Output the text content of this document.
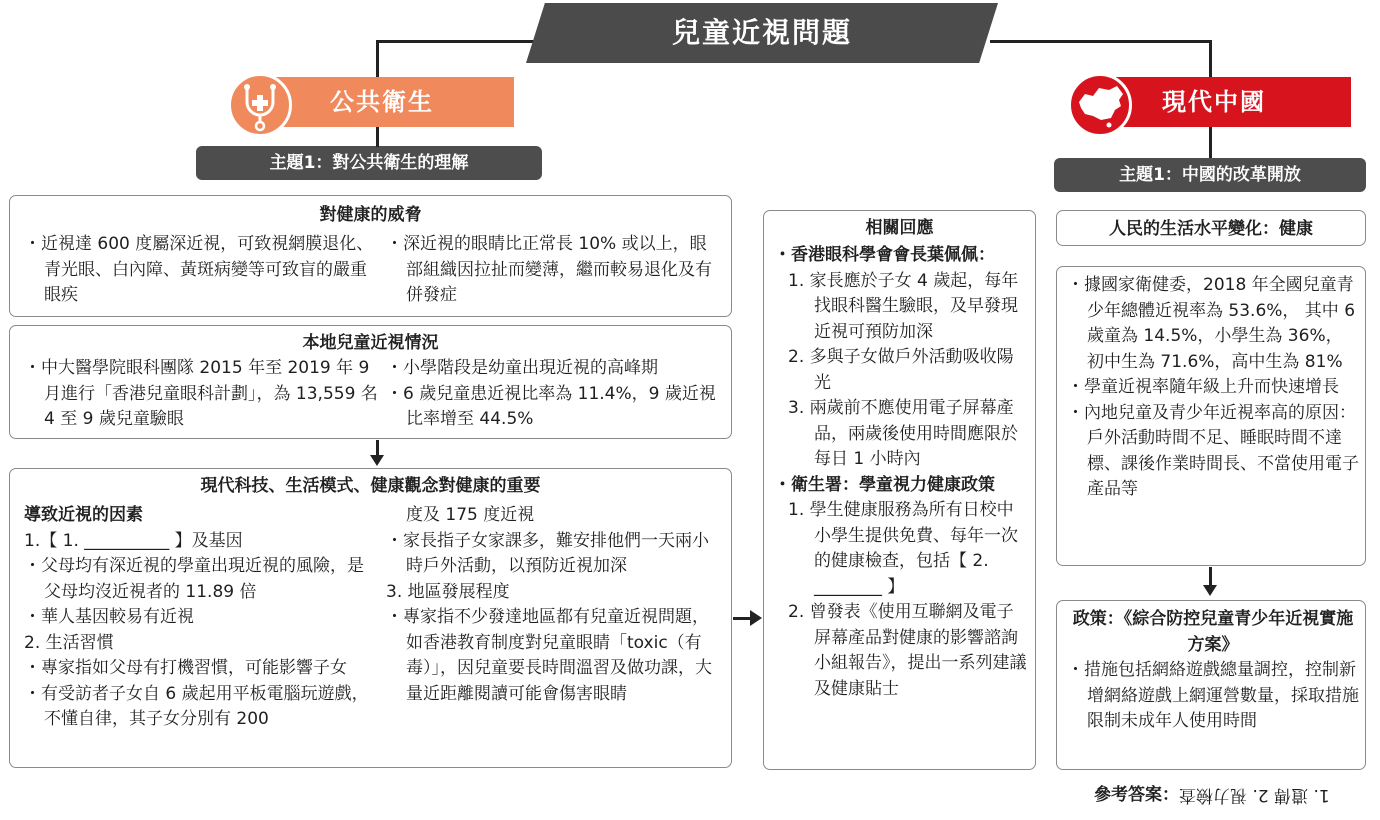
兒童近視問題
公共衛生
主題1：對公共衛生的理解
對健康的威脅

・近視達 600 度屬深近視，可致視網膜退化、青光眼、白內障、黃斑病變等可致盲的嚴重眼疾

・深近視的眼睛比正常長 10% 或以上，眼部組織因拉扯而變薄，繼而較易退化及有併發症

本地兒童近視情況

・中大醫學院眼科團隊 2015 年至 2019 年 9 月進行「香港兒童眼科計劃」，為 13,559 名 4 至 9 歲兒童驗眼

・小學階段是幼童出現近視的高峰期

・6 歲兒童患近視比率為 11.4%，9 歲近視比率增至 44.5%

現代科技、生活模式、健康觀念對健康的重要

導致近視的因素

1.【 1. __________ 】及基因

・父母均有深近視的學童出現近視的風險，是父母均沒近視者的 11.89 倍

・華人基因較易有近視

2. 生活習慣

・專家指如父母有打機習慣，可能影響子女

・有受訪者子女自 6 歲起用平板電腦玩遊戲，不懂自律，其子女分別有 200

度及 175 度近視

・家長指子女家課多，難安排他們一天兩小時戶外活動，以預防近視加深

3. 地區發展程度

・專家指不少發達地區都有兒童近視問題，如香港教育制度對兒童眼睛「toxic（有毒）」，因兒童要長時間溫習及做功課，大量近距離閱讀可能會傷害眼睛

相關回應

・香港眼科學會會長葉佩佩：

1. 家長應於子女 4 歲起，每年找眼科醫生驗眼，及早發現近視可預防加深

2. 多與子女做戶外活動吸收陽光

3. 兩歲前不應使用電子屏幕產品，兩歲後使用時間應限於每日 1 小時內

・衛生署：學童視力健康政策

1. 學生健康服務為所有日校中小學生提供免費、每年一次的健康檢查，包括【 2. ________ 】

2. 曾發表《使用互聯網及電子屏幕產品對健康的影響諮詢小組報告》，提出一系列建議及健康貼士

現代中國
主題1：中國的改革開放
人民的生活水平變化：健康

・據國家衛健委，2018 年全國兒童青少年總體近視率為 53.6%， 其中 6 歲童為 14.5%，小學生為 36%，初中生為 71.6%，高中生為 81%

・學童近視率隨年級上升而快速增長

・內地兒童及青少年近視率高的原因：戶外活動時間不足、睡眠時間不達標、課後作業時間長、不當使用電子產品等

政策：《綜合防控兒童青少年近視實施方案》

・措施包括網絡遊戲總量調控，控制新增網絡遊戲上網運營數量，採取措施限制未成年人使用時間

參考答案：1. 遺傳 2. 視力檢查
